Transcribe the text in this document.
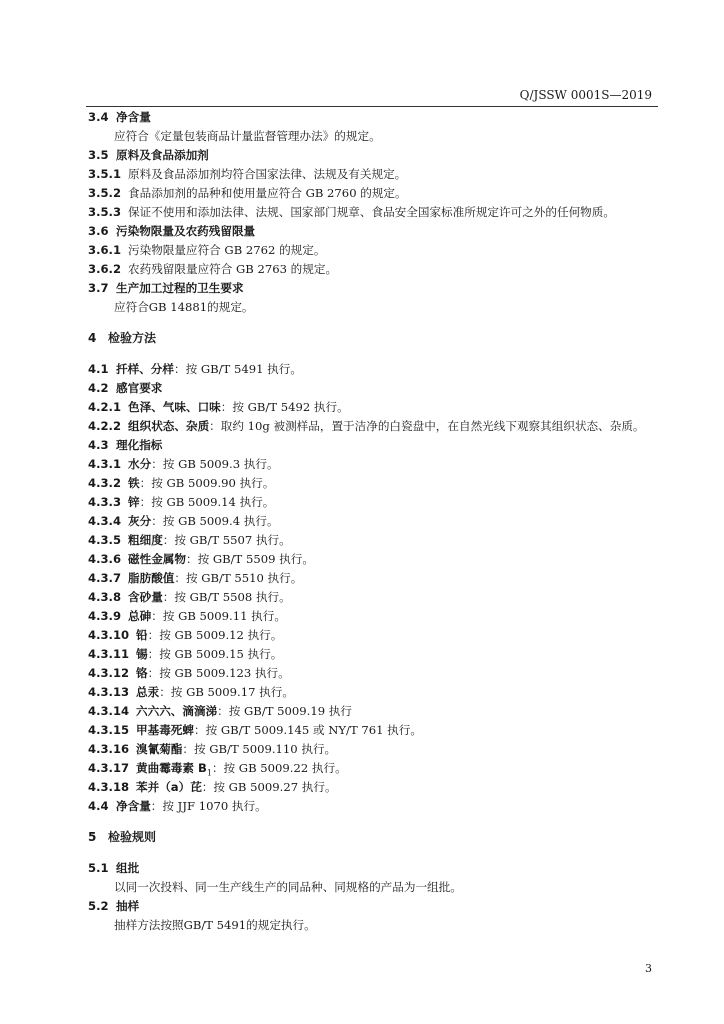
Q/JSSW 0001S—2019
3.4 净含量
应符合《定量包装商品计量监督管理办法》的规定。
3.5 原料及食品添加剂
3.5.1 原料及食品添加剂均符合国家法律、法规及有关规定。
3.5.2 食品添加剂的品种和使用量应符合 GB 2760 的规定。
3.5.3 保证不使用和添加法律、法规、国家部门规章、食品安全国家标准所规定许可之外的任何物质。
3.6 污染物限量及农药残留限量
3.6.1 污染物限量应符合 GB 2762 的规定。
3.6.2 农药残留限量应符合 GB 2763 的规定。
3.7 生产加工过程的卫生要求
应符合GB 14881的规定。
4 检验方法
4.1 扦样、分样：按 GB/T 5491 执行。
4.2 感官要求
4.2.1 色泽、气味、口味：按 GB/T 5492 执行。
4.2.2 组织状态、杂质：取约 10g 被测样品，置于洁净的白瓷盘中，在自然光线下观察其组织状态、杂质。
4.3 理化指标
4.3.1 水分：按 GB 5009.3 执行。
4.3.2 铁：按 GB 5009.90 执行。
4.3.3 锌：按 GB 5009.14 执行。
4.3.4 灰分：按 GB 5009.4 执行。
4.3.5 粗细度：按 GB/T 5507 执行。
4.3.6 磁性金属物：按 GB/T 5509 执行。
4.3.7 脂肪酸值：按 GB/T 5510 执行。
4.3.8 含砂量：按 GB/T 5508 执行。
4.3.9 总砷：按 GB 5009.11 执行。
4.3.10 铅：按 GB 5009.12 执行。
4.3.11 锡：按 GB 5009.15 执行。
4.3.12 铬：按 GB 5009.123 执行。
4.3.13 总汞：按 GB 5009.17 执行。
4.3.14 六六六、滴滴涕：按 GB/T 5009.19 执行
4.3.15 甲基毒死蜱：按 GB/T 5009.145 或 NY/T 761 执行。
4.3.16 溴氰菊酯：按 GB/T 5009.110 执行。
4.3.17 黄曲霉毒素 $B_1$：按 GB 5009.22 执行。
4.3.18 苯并（a）芘：按 GB 5009.27 执行。
4.4 净含量：按 JJF 1070 执行。
5 检验规则
5.1 组批
以同一次投料、同一生产线生产的同品种、同规格的产品为一组批。
5.2 抽样
抽样方法按照GB/T 5491的规定执行。
3
